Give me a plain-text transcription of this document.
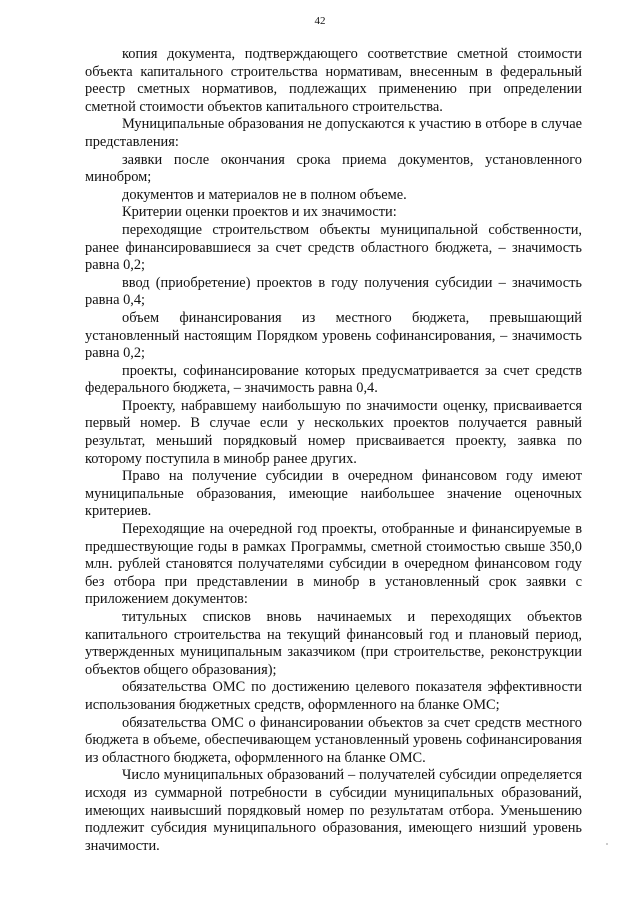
42

копия документа, подтверждающего соответствие сметной стоимости объекта капитального строительства нормативам, внесенным в федеральный реестр сметных нормативов, подлежащих применению при определении сметной стоимости объектов капитального строительства.

Муниципальные образования не допускаются к участию в отборе в случае представления:

заявки после окончания срока приема документов, установленного минобром;

документов и материалов не в полном объеме.

Критерии оценки проектов и их значимости:

переходящие строительством объекты муниципальной собственности, ранее финансировавшиеся за счет средств областного бюджета, – значимость равна 0,2;

ввод (приобретение) проектов в году получения субсидии – значимость равна 0,4;

объем финансирования из местного бюджета, превышающий установленный настоящим Порядком уровень софинансирования, – значимость равна 0,2;

проекты, софинансирование которых предусматривается за счет средств федерального бюджета, – значимость равна 0,4.

Проекту, набравшему наибольшую по значимости оценку, присваивается первый номер. В случае если у нескольких проектов получается равный результат, меньший порядковый номер присваивается проекту, заявка по которому поступила в минобр ранее других.

Право на получение субсидии в очередном финансовом году имеют муниципальные образования, имеющие наибольшее значение оценочных критериев.

Переходящие на очередной год проекты, отобранные и финансируемые в предшествующие годы в рамках Программы, сметной стоимостью свыше 350,0 млн. рублей становятся получателями субсидии в очередном финансовом году без отбора при представлении в минобр в установленный срок заявки с приложением документов:

титульных списков вновь начинаемых и переходящих объектов капитального строительства на текущий финансовый год и плановый период, утвержденных муниципальным заказчиком (при строительстве, реконструкции объектов общего образования);

обязательства ОМС по достижению целевого показателя эффективности использования бюджетных средств, оформленного на бланке ОМС;

обязательства ОМС о финансировании объектов за счет средств местного бюджета в объеме, обеспечивающем установленный уровень софинансирования из областного бюджета, оформленного на бланке ОМС.

Число муниципальных образований – получателей субсидии определяется исходя из суммарной потребности в субсидии муниципальных образований, имеющих наивысший порядковый номер по результатам отбора. Уменьшению подлежит субсидия муниципального образования, имеющего низший уровень значимости.
